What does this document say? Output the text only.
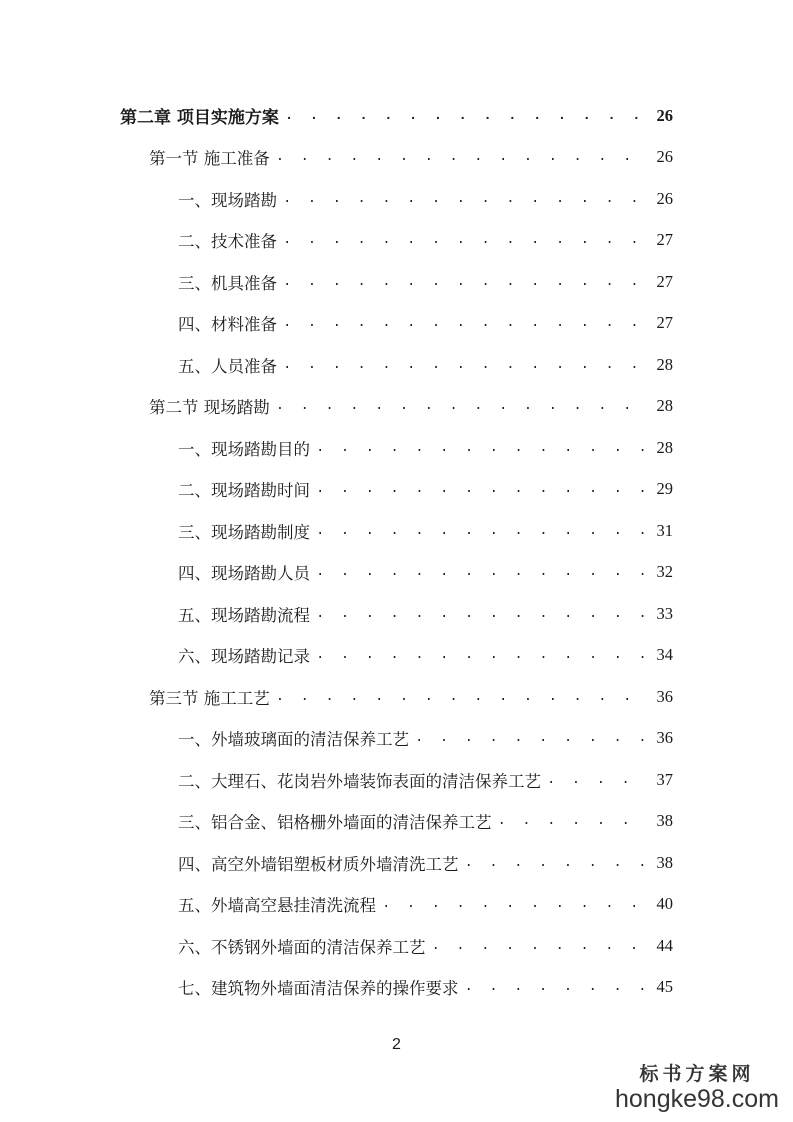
第二章 项目实施方案 . . .	26
第一节 施工准备 . . .	26
一、现场踏勘 . . .	26
二、技术准备 . . .	27
三、机具准备 . . .	27
四、材料准备 . . .	27
五、人员准备 . . .	28
第二节 现场踏勘 . . .	28
一、现场踏勘目的 . . .	28
二、现场踏勘时间 . . .	29
三、现场踏勘制度 . . .	31
四、现场踏勘人员 . . .	32
五、现场踏勘流程 . . .	33
六、现场踏勘记录 . . .	34
第三节 施工工艺 . . .	36
一、外墙玻璃面的清洁保养工艺 . . .	36
二、大理石、花岗岩外墙装饰表面的清洁保养工艺 . . .	37
三、铝合金、铝格栅外墙面的清洁保养工艺 . . .	38
四、高空外墙铝塑板材质外墙清洗工艺 . . .	38
五、外墙高空悬挂清洗流程 . . .	40
六、不锈钢外墙面的清洁保养工艺 . . .	44
七、建筑物外墙面清洁保养的操作要求 . . .	45
2
标书方案网
hongke98.com
